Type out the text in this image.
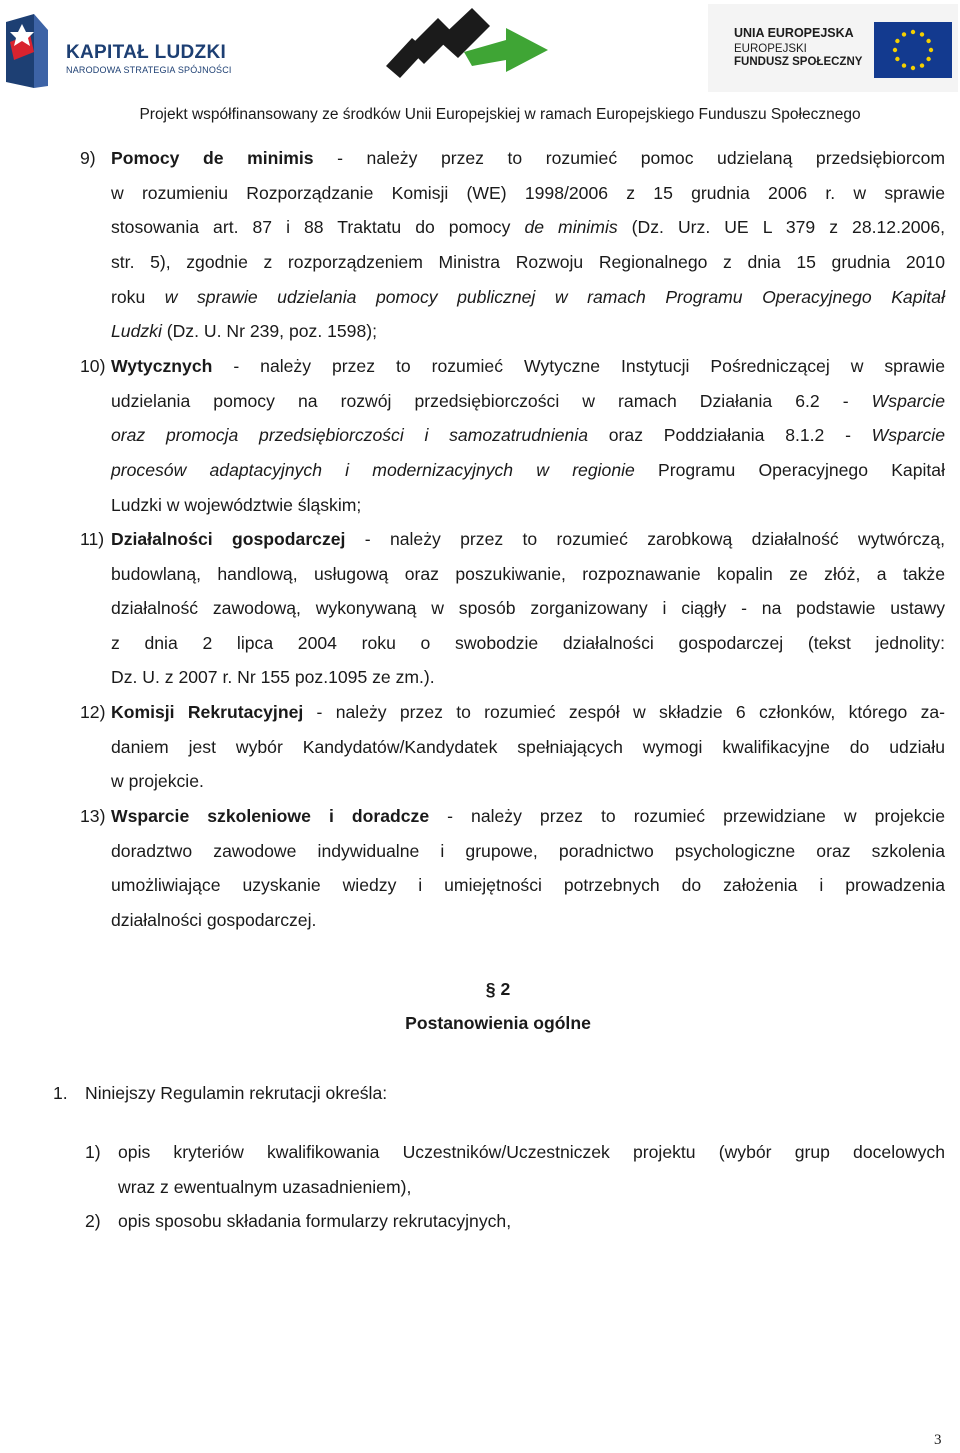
KAPITAŁ LUDZKI
NARODOWA STRATEGIA SPÓJNOŚCI
UNIA EUROPEJSKA
EUROPEJSKI
FUNDUSZ SPOŁECZNY
Projekt współfinansowany ze środków Unii Europejskiej w ramach Europejskiego Funduszu Społecznego
9) Pomocy de minimis - należy przez to rozumieć pomoc udzielaną przedsiębiorcom
w rozumieniu Rozporządzanie Komisji (WE) 1998/2006 z 15 grudnia 2006 r. w sprawie
stosowania art. 87 i 88 Traktatu do pomocy de minimis (Dz. Urz. UE L 379 z 28.12.2006,
str. 5), zgodnie z rozporządzeniem Ministra Rozwoju Regionalnego z dnia 15 grudnia 2010
roku w sprawie udzielania pomocy publicznej w ramach Programu Operacyjnego Kapitał
Ludzki (Dz. U. Nr 239, poz. 1598);
10) Wytycznych - należy przez to rozumieć Wytyczne Instytucji Pośredniczącej w sprawie
udzielania pomocy na rozwój przedsiębiorczości w ramach Działania 6.2 - Wsparcie
oraz promocja przedsiębiorczości i samozatrudnienia oraz Poddziałania 8.1.2 - Wsparcie
procesów adaptacyjnych i modernizacyjnych w regionie Programu Operacyjnego Kapitał
Ludzki w województwie śląskim;
11) Działalności gospodarczej - należy przez to rozumieć zarobkową działalność wytwórczą,
budowlaną, handlową, usługową oraz poszukiwanie, rozpoznawanie kopalin ze złóż, a także
działalność zawodową, wykonywaną w sposób zorganizowany i ciągły - na podstawie ustawy
z dnia 2 lipca 2004 roku o swobodzie działalności gospodarczej (tekst jednolity:
Dz. U. z 2007 r. Nr 155 poz.1095 ze zm.).
12) Komisji Rekrutacyjnej - należy przez to rozumieć zespół w składzie 6 członków, którego za-
daniem jest wybór Kandydatów/Kandydatek spełniających wymogi kwalifikacyjne do udziału
w projekcie.
13) Wsparcie szkoleniowe i doradcze - należy przez to rozumieć przewidziane w projekcie
doradztwo zawodowe indywidualne i grupowe, poradnictwo psychologiczne oraz szkolenia
umożliwiające uzyskanie wiedzy i umiejętności potrzebnych do założenia i prowadzenia
działalności gospodarczej.
§ 2
Postanowienia ogólne
1. Niniejszy Regulamin rekrutacji określa:
1) opis kryteriów kwalifikowania Uczestników/Uczestniczek projektu (wybór grup docelowych
wraz z ewentualnym uzasadnieniem),
2) opis sposobu składania formularzy rekrutacyjnych,
3
